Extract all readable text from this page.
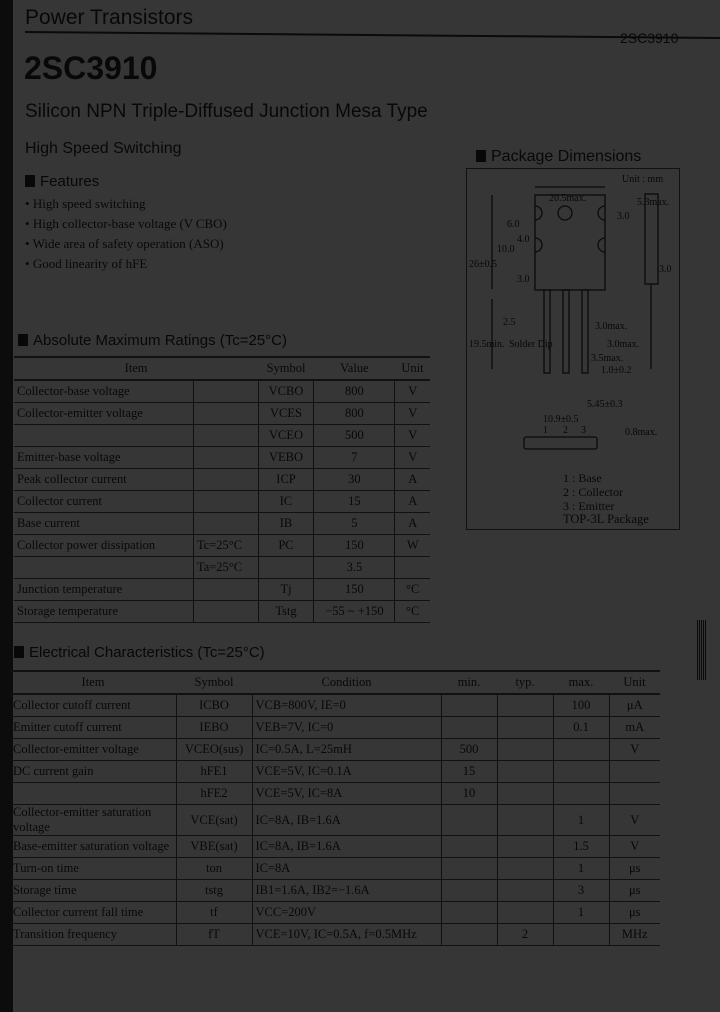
Power Transistors
2SC3910
Silicon NPN Triple-Diffused Junction Mesa Type
High Speed Switching
Features
• High speed switching
• High collector-base voltage (V CBO)
• Wide area of safety operation (ASO)
• Good linearity of hFE
Package Dimensions
Unit : mm
20.5max.	5.3max.
3.0
6.0
10.0
4.0
26±0.5
3.0
3.0
2.5
19.5min. Solder Dip
3.0max.
3.0max.
3.5max.
1.0±0.2
5.45±0.3
10.9±0.5
0.8max.
1 2 3
1 : Base
2 : Collector
3 : Emitter
TOP-3L Package
Absolute Maximum Ratings (Tc=25°C)
Item		Symbol	Value	Unit
Collector-base voltage		VCBO	800	V
Collector-emitter voltage		VCES	800	V
		VCEO	500	V
Emitter-base voltage		VEBO	7	V
Peak collector current		ICP	30	A
Collector current		IC	15	A
Base current		IB	5	A
Collector power dissipation	Tc=25°C	PC	150	W
	Ta=25°C		3.5	
Junction temperature		Tj	150	°C
Storage temperature		Tstg	−55 ~ +150	°C
Electrical Characteristics (Tc=25°C)
Item	Symbol	Condition	min.	typ.	max.	Unit
Collector cutoff current	ICBO	VCB=800V, IE=0			100	μA
Emitter cutoff current	IEBO	VEB=7V, IC=0			0.1	mA
Collector-emitter voltage	VCEO(sus)	IC=0.5A, L=25mH	500			V
DC current gain	hFE1	VCE=5V, IC=0.1A	15			
	hFE2	VCE=5V, IC=8A	10			
Collector-emitter saturation voltage	VCE(sat)	IC=8A, IB=1.6A			1	V
Base-emitter saturation voltage	VBE(sat)	IC=8A, IB=1.6A			1.5	V
Turn-on time	ton	IC=8A			1	μs
Storage time	tstg	IB1=1.6A, IB2=−1.6A			3	μs
Collector current fall time	tf	VCC=200V			1	μs
Transition frequency	fT	VCE=10V, IC=0.5A, f=0.5MHz		2		MHz
